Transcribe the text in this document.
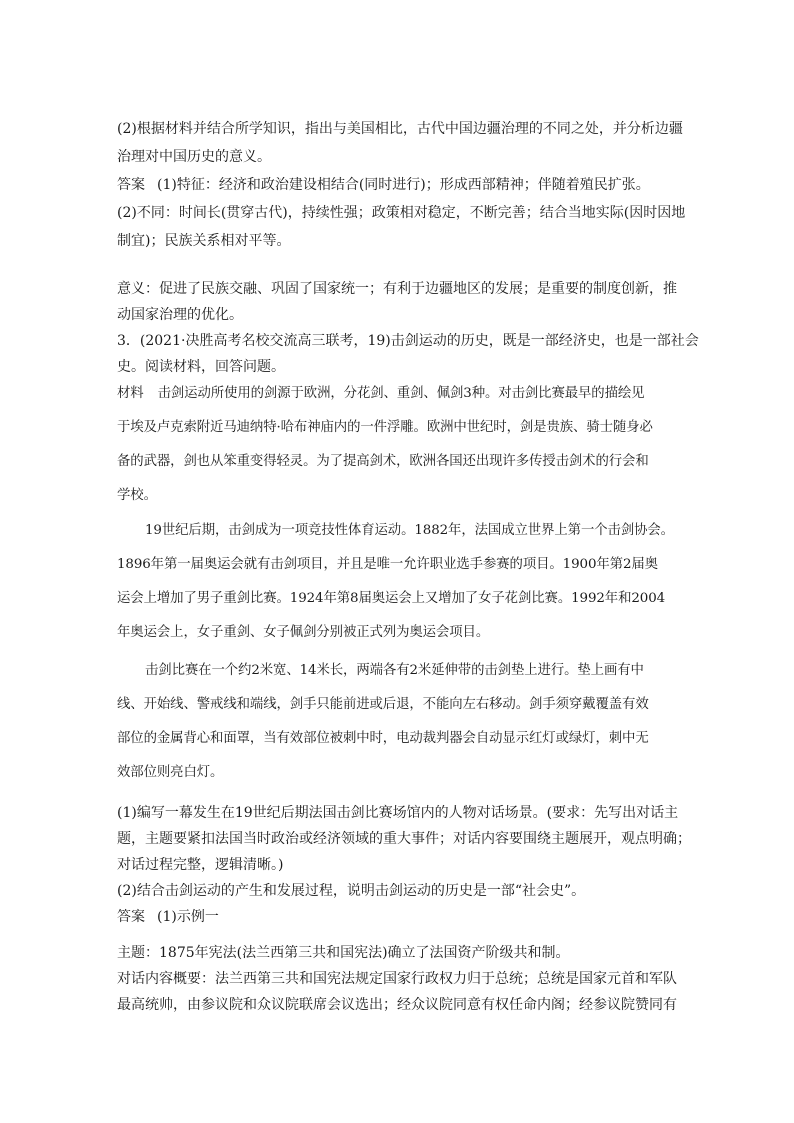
(2)根据材料并结合所学知识，指出与美国相比，古代中国边疆治理的不同之处，并分析边疆
治理对中国历史的意义。
答案 (1)特征：经济和政治建设相结合(同时进行)；形成西部精神；伴随着殖民扩张。
(2)不同：时间长(贯穿古代)，持续性强；政策相对稳定，不断完善；结合当地实际(因时因地
制宜)；民族关系相对平等。
意义：促进了民族交融、巩固了国家统一；有利于边疆地区的发展；是重要的制度创新，推
动国家治理的优化。
3．(2021·决胜高考名校交流高三联考，19)击剑运动的历史，既是一部经济史，也是一部社会
史。阅读材料，回答问题。
材料 击剑运动所使用的剑源于欧洲，分花剑、重剑、佩剑3种。对击剑比赛最早的描绘见
于埃及卢克索附近马迪纳特·哈布神庙内的一件浮雕。欧洲中世纪时，剑是贵族、骑士随身必
备的武器，剑也从笨重变得轻灵。为了提高剑术，欧洲各国还出现许多传授击剑术的行会和
学校。
19世纪后期，击剑成为一项竞技性体育运动。1882年，法国成立世界上第一个击剑协会。
1896年第一届奥运会就有击剑项目，并且是唯一允许职业选手参赛的项目。1900年第2届奥
运会上增加了男子重剑比赛。1924年第8届奥运会上又增加了女子花剑比赛。1992年和2004
年奥运会上，女子重剑、女子佩剑分别被正式列为奥运会项目。
击剑比赛在一个约2米宽、14米长，两端各有2米延伸带的击剑垫上进行。垫上画有中
线、开始线、警戒线和端线，剑手只能前进或后退，不能向左右移动。剑手须穿戴覆盖有效
部位的金属背心和面罩，当有效部位被刺中时，电动裁判器会自动显示红灯或绿灯，刺中无
效部位则亮白灯。
(1)编写一幕发生在19世纪后期法国击剑比赛场馆内的人物对话场景。(要求：先写出对话主
题，主题要紧扣法国当时政治或经济领域的重大事件；对话内容要围绕主题展开，观点明确；
对话过程完整，逻辑清晰。)
(2)结合击剑运动的产生和发展过程，说明击剑运动的历史是一部“社会史”。
答案 (1)示例一
主题：1875年宪法(法兰西第三共和国宪法)确立了法国资产阶级共和制。
对话内容概要：法兰西第三共和国宪法规定国家行政权力归于总统；总统是国家元首和军队
最高统帅，由参议院和众议院联席会议选出；经众议院同意有权任命内阁；经参议院赞同有
